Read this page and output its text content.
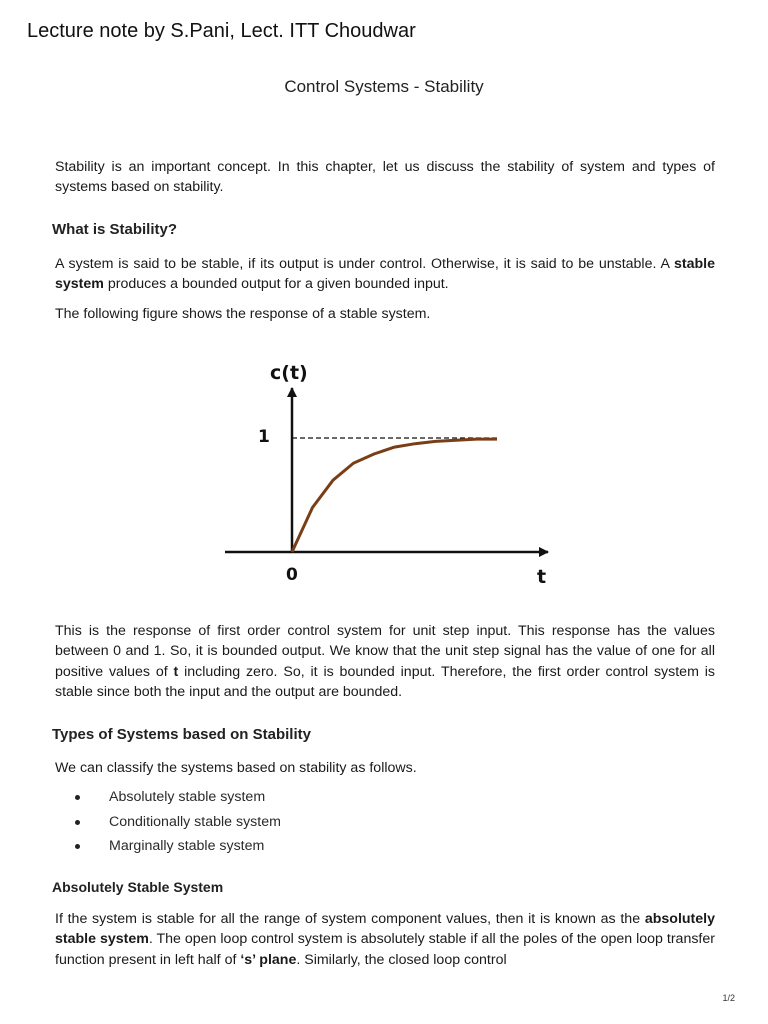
Lecture note by S.Pani, Lect. ITT Choudwar
Control Systems - Stability
Stability is an important concept. In this chapter, let us discuss the stability of system and types of systems based on stability.
What is Stability?
A system is said to be stable, if its output is under control. Otherwise, it is said to be unstable. A stable system produces a bounded output for a given bounded input.
The following figure shows the response of a stable system.
c(t)
1
0	t
This is the response of first order control system for unit step input. This response has the values between 0 and 1. So, it is bounded output. We know that the unit step signal has the value of one for all positive values of t including zero. So, it is bounded input. Therefore, the first order control system is stable since both the input and the output are bounded.
Types of Systems based on Stability
We can classify the systems based on stability as follows.
Absolutely stable system
Conditionally stable system
Marginally stable system
Absolutely Stable System
If the system is stable for all the range of system component values, then it is known as the absolutely stable system. The open loop control system is absolutely stable if all the poles of the open loop transfer function present in left half of ‘s’ plane. Similarly, the closed loop control
1/2
